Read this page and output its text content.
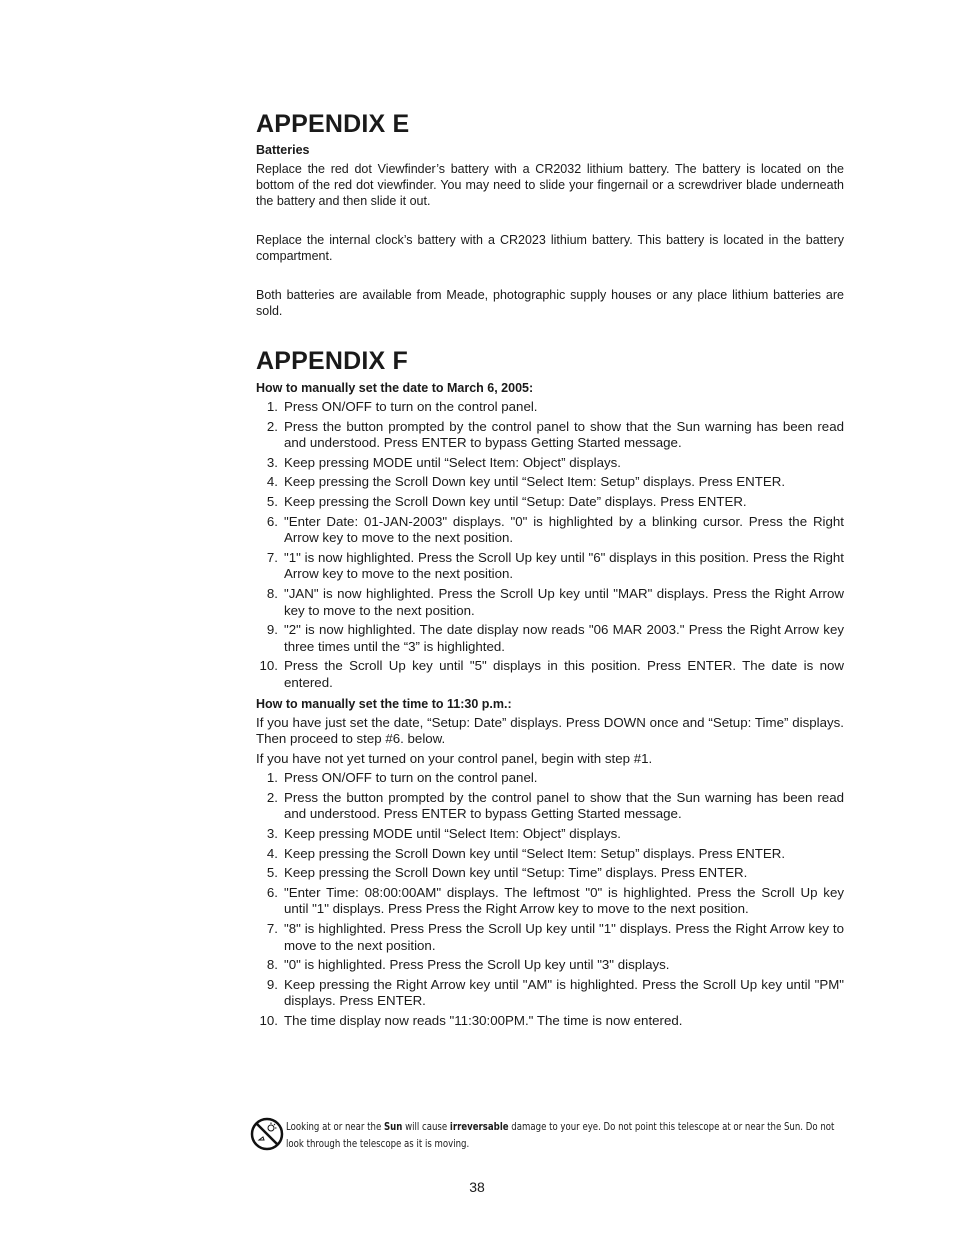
APPENDIX E
Batteries

Replace the red dot Viewfinder’s battery with a CR2032 lithium battery. The battery is located on the bottom of the red dot viewfinder. You may need to slide your fingernail or a screwdriver blade underneath the battery and then slide it out.

Replace the internal clock’s battery with a CR2023 lithium battery. This battery is located in the battery compartment.

Both batteries are available from Meade, photographic supply houses or any place lithium batteries are sold.

APPENDIX F
How to manually set the date to March 6, 2005:
1. Press ON/OFF to turn on the control panel.
2. Press the button prompted by the control panel to show that the Sun warning has been read and understood. Press ENTER to bypass Getting Started message.
3. Keep pressing MODE until “Select Item: Object” displays.
4. Keep pressing the Scroll Down key until “Select Item: Setup” displays. Press ENTER.
5. Keep pressing the Scroll Down key until “Setup: Date” displays. Press ENTER.
6. "Enter Date: 01-JAN-2003" displays. "0" is highlighted by a blinking cursor. Press the Right Arrow key to move to the next position.
7. "1" is now highlighted. Press the Scroll Up key until "6" displays in this position. Press the Right Arrow key to move to the next position.
8. "JAN" is now highlighted. Press the Scroll Up key until "MAR" displays. Press the Right Arrow key to move to the next position.
9. "2" is now highlighted. The date display now reads "06 MAR 2003." Press the Right Arrow key three times until the “3” is highlighted.
10. Press the Scroll Up key until "5" displays in this position. Press ENTER. The date is now entered.
How to manually set the time to 11:30 p.m.:

If you have just set the date, “Setup: Date” displays. Press DOWN once and “Setup: Time” displays. Then proceed to step #6. below.

If you have not yet turned on your control panel, begin with step #1.

1. Press ON/OFF to turn on the control panel.
2. Press the button prompted by the control panel to show that the Sun warning has been read and understood. Press ENTER to bypass Getting Started message.
3. Keep pressing MODE until “Select Item: Object” displays.
4. Keep pressing the Scroll Down key until “Select Item: Setup” displays. Press ENTER.
5. Keep pressing the Scroll Down key until “Setup: Time” displays. Press ENTER.
6. "Enter Time: 08:00:00AM" displays. The leftmost "0" is highlighted. Press the Scroll Up key until "1" displays. Press Press the Right Arrow key to move to the next position.
7. "8" is highlighted. Press Press the Scroll Up key until "1" displays. Press the Right Arrow key to move to the next position.
8. "0" is highlighted. Press Press the Scroll Up key until "3" displays.
9. Keep pressing the Right Arrow key until "AM" is highlighted. Press the Scroll Up key until "PM" displays. Press ENTER.
10. The time display now reads "11:30:00PM." The time is now entered.
Looking at or near the Sun will cause irreversable damage to your eye. Do not point this telescope at or near the Sun. Do not look through the telescope as it is moving.
38
